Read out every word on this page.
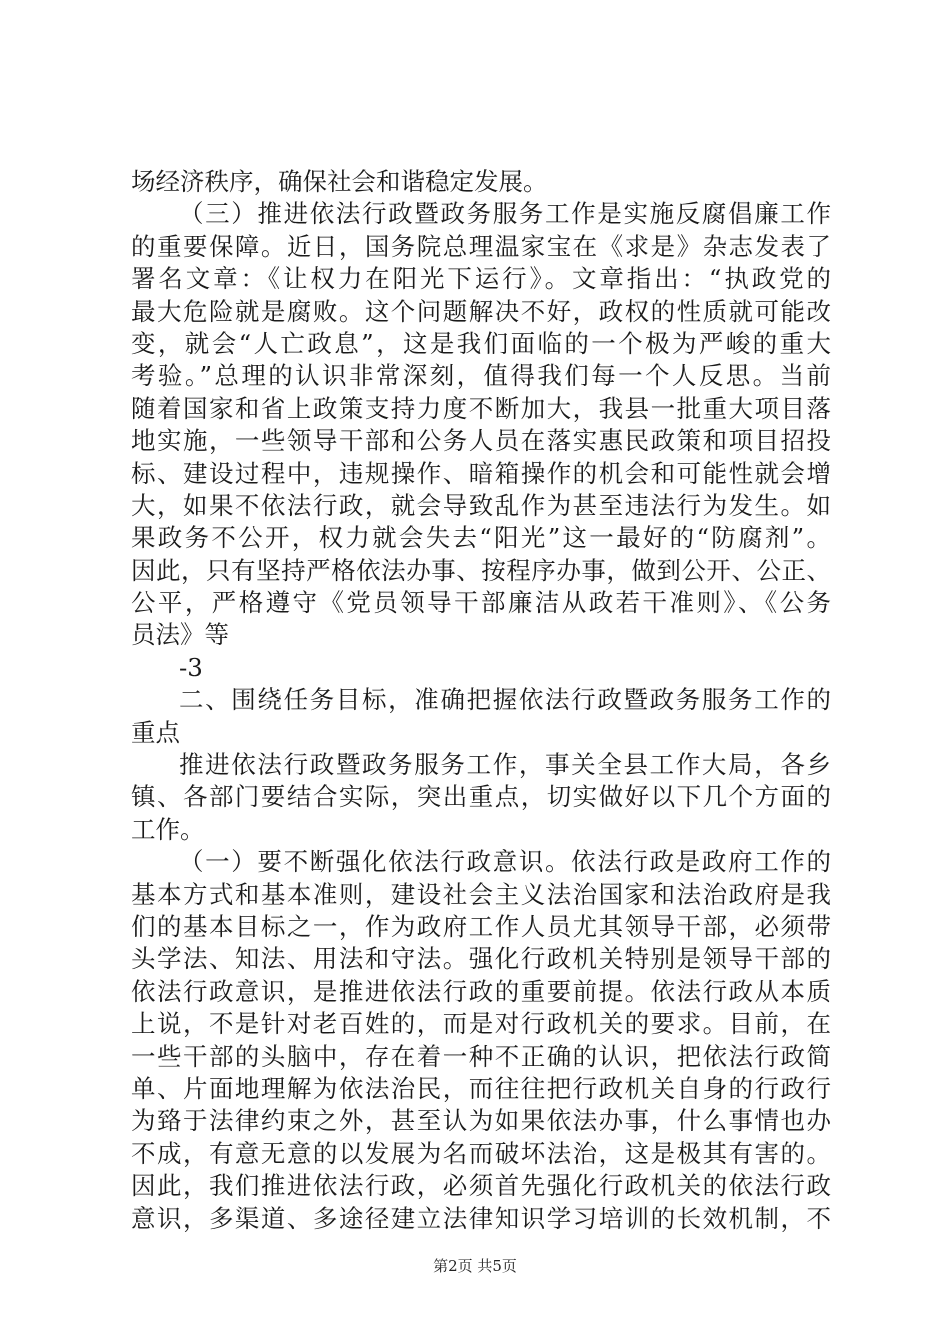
场经济秩序，确保社会和谐稳定发展。
（三）推进依法行政暨政务服务工作是实施反腐倡廉工作
的重要保障。近日，国务院总理温家宝在《求是》杂志发表了
署名文章：《让权力在阳光下运行》。文章指出：“执政党的
最大危险就是腐败。这个问题解决不好，政权的性质就可能改
变，就会“人亡政息”，这是我们面临的一个极为严峻的重大
考验。”总理的认识非常深刻，值得我们每一个人反思。当前
随着国家和省上政策支持力度不断加大，我县一批重大项目落
地实施，一些领导干部和公务人员在落实惠民政策和项目招投
标、建设过程中，违规操作、暗箱操作的机会和可能性就会增
大，如果不依法行政，就会导致乱作为甚至违法行为发生。如
果政务不公开，权力就会失去“阳光”这一最好的“防腐剂”。
因此，只有坚持严格依法办事、按程序办事，做到公开、公正、
公平，严格遵守《党员领导干部廉洁从政若干准则》、《公务
员法》等
-3
二、围绕任务目标，准确把握依法行政暨政务服务工作的
重点
推进依法行政暨政务服务工作，事关全县工作大局，各乡
镇、各部门要结合实际，突出重点，切实做好以下几个方面的
工作。
（一）要不断强化依法行政意识。依法行政是政府工作的
基本方式和基本准则，建设社会主义法治国家和法治政府是我
们的基本目标之一，作为政府工作人员尤其领导干部，必须带
头学法、知法、用法和守法。强化行政机关特别是领导干部的
依法行政意识，是推进依法行政的重要前提。依法行政从本质
上说，不是针对老百姓的，而是对行政机关的要求。目前，在
一些干部的头脑中，存在着一种不正确的认识，把依法行政简
单、片面地理解为依法治民，而往往把行政机关自身的行政行
为臵于法律约束之外，甚至认为如果依法办事，什么事情也办
不成，有意无意的以发展为名而破坏法治，这是极其有害的。
因此，我们推进依法行政，必须首先强化行政机关的依法行政
意识，多渠道、多途径建立法律知识学习培训的长效机制，不
第2页 共5页
